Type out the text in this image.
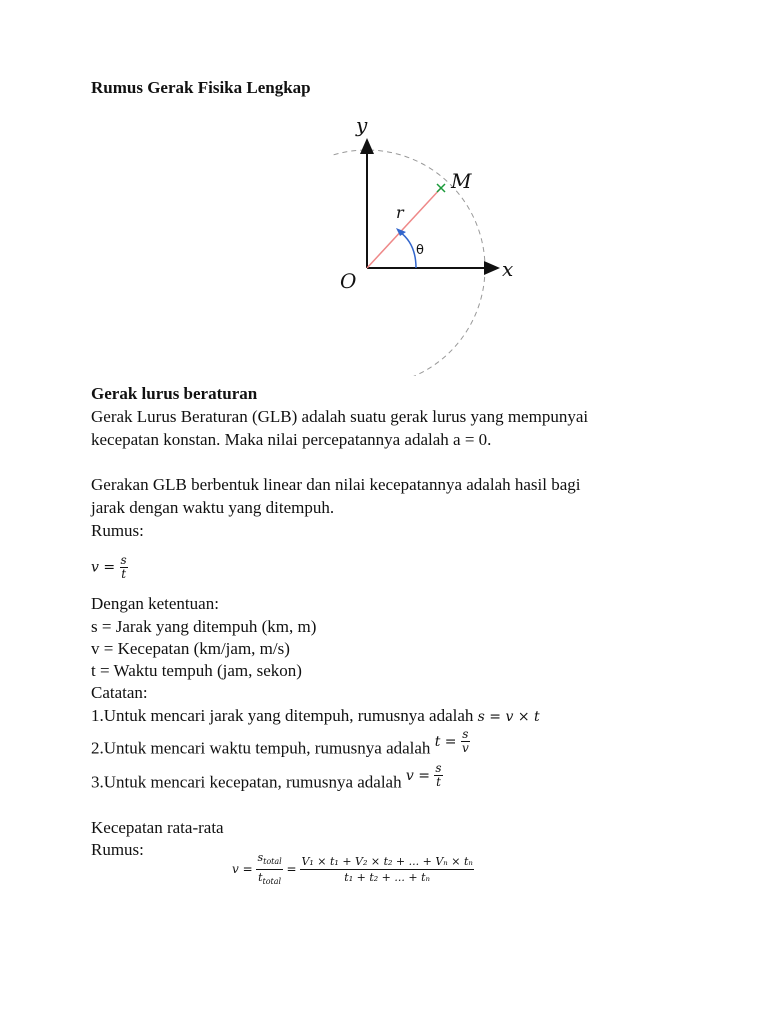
Rumus Gerak Fisika Lengkap
y
x
O
M
r
θ
Gerak lurus beraturan
Gerak Lurus Beraturan (GLB) adalah suatu gerak lurus yang mempunyai
kecepatan konstan. Maka nilai percepatannya adalah a = 0.
Gerakan GLB berbentuk linear dan nilai kecepatannya adalah hasil bagi
jarak dengan waktu yang ditempuh.
Rumus:
$v = \frac{s}{t}$
Dengan ketentuan:
s = Jarak yang ditempuh (km, m)
v = Kecepatan (km/jam, m/s)
t = Waktu tempuh (jam, sekon)
Catatan:
1.Untuk mencari jarak yang ditempuh, rumusnya adalah s = v × t
2.Untuk mencari waktu tempuh, rumusnya adalah $^{t = \frac{s}{v}}$
3.Untuk mencari kecepatan, rumusnya adalah $^{v = \frac{s}{t}}$
Kecepatan rata-rata
Rumus:
$v = \frac{s_{total}}{t_{total}} = \frac{\text{V₁ × t₁ + V₂ × t₂ + ... + Vₙ × tₙ}}{\text{t₁ + t₂ + ... + tₙ}}$
